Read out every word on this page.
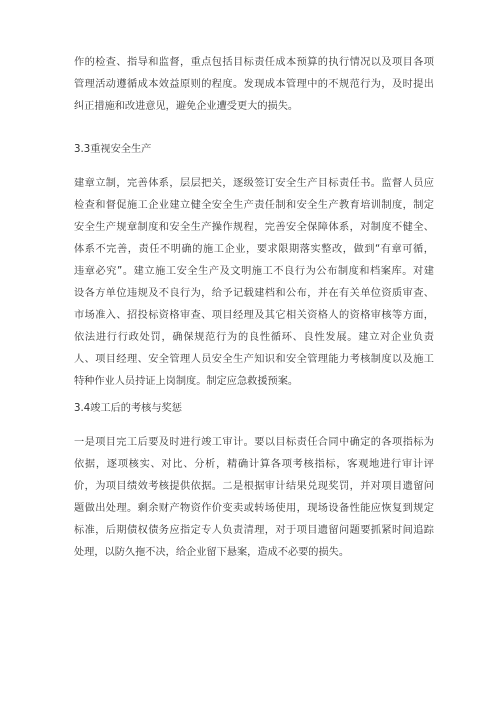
作的检查、指导和监督，重点包括目标责任成本预算的执行情况以及项目各项
管理活动遵循成本效益原则的程度。发现成本管理中的不规范行为，及时提出
纠正措施和改进意见，避免企业遭受更大的损失。
3.3重视安全生产
建章立制，完善体系，层层把关，逐级签订安全生产目标责任书。监督人员应
检查和督促施工企业建立健全安全生产责任制和安全生产教育培训制度，制定
安全生产规章制度和安全生产操作规程，完善安全保障体系，对制度不健全、
体系不完善，责任不明确的施工企业，要求限期落实整改，做到“有章可循，
违章必究”。建立施工安全生产及文明施工不良行为公布制度和档案库。对建
设各方单位违规及不良行为，给予记载建档和公布，并在有关单位资质审查、
市场准入、招投标资格审查、项目经理及其它相关资格人的资格审核等方面，
依法进行行政处罚，确保规范行为的良性循环、良性发展。建立对企业负责
人、项目经理、安全管理人员安全生产知识和安全管理能力考核制度以及施工
特种作业人员持证上岗制度。制定应急救援预案。
3.4竣工后的考核与奖惩
一是项目完工后要及时进行竣工审计。要以目标责任合同中确定的各项指标为
依据，逐项核实、对比、分析，精确计算各项考核指标，客观地进行审计评
价，为项目绩效考核提供依据。二是根据审计结果兑现奖罚，并对项目遗留问
题做出处理。剩余财产物资作价变卖或转场使用，现场设备性能应恢复到规定
标准，后期债权债务应指定专人负责清理，对于项目遗留问题要抓紧时间追踪
处理，以防久拖不决，给企业留下悬案，造成不必要的损失。
